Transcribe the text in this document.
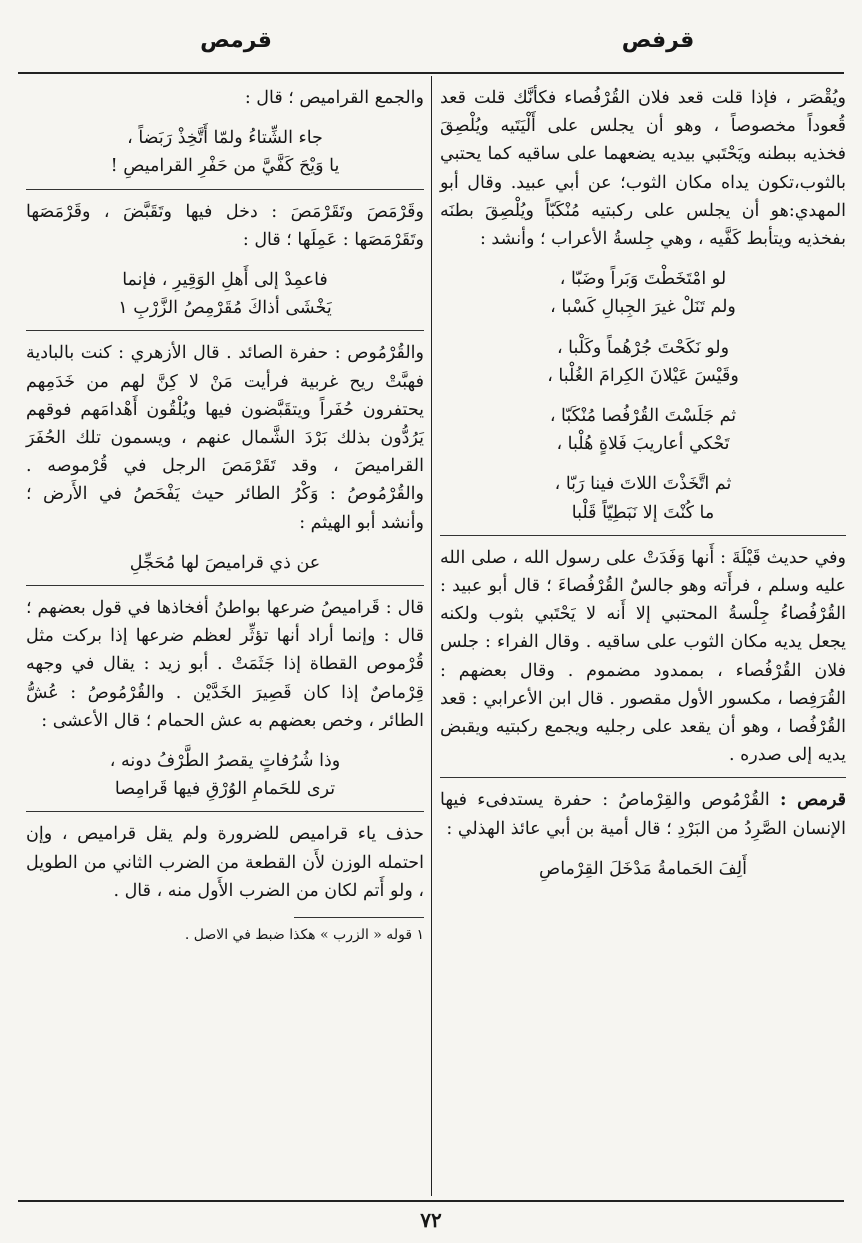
قرفص
قرمص

ويُقْصَر ، فإذا قلت قعد فلان القُرْفُصاء فكأنَّك قلت قعد قُعوداً مخصوصاً ، وهو أن يجلس على أَلْيَتَيه ويُلْصِقَ فخذيه ببطنه ويَحْتَبي بيديه يضعهما على ساقيه كما يحتبي بالثوب،تكون يداه مكان الثوب؛ عن أبي عبيد. وقال أبو المهدي:هو أن يجلس على ركبتيه مُنْكَبّاً ويُلْصِقَ بطنَه بفخذيه ويتأبط كَفَّيه ، وهي جِلسةُ الأعراب ؛ وأنشد :

لو امْتَخَطْتَ وَبَراً وضَبّا ،

ولم تَنَلْ غيرَ الجِبالِ كَسْبا ،

ولو نَكَحْتَ جُرْهُماً وكَلْبا ،

وقَيْسَ عَيْلانَ الكِرامَ الغُلْبا ،

ثم جَلَسْتَ القُرْفُصا مُنْكَبّا ،

تَحْكي أعاريبَ فَلاةٍ هُلْبا ،

ثم اتَّخَذْتَ اللاتَ فينا رَبّا ،

ما كُنْتَ إلا نَبَطِيّاً قَلْبا

وفي حديث قَيْلَةَ : أَنها وَفَدَتْ على رسول الله ، صلى الله عليه وسلم ، فرأَته وهو جالسٌ القُرْفُصاءَ ؛ قال أبو عبيد : القُرْفُصاءُ جِلْسةُ المحتبي إلا أَنه لا يَحْتَبي بثوب ولكنه يجعل يديه مكان الثوب على ساقيه . وقال الفراء : جلس فلان القُرْفُصاء ، بممدود مضموم . وقال بعضهم : القُرَفِصا ، مكسور الأول مقصور . قال ابن الأعرابي : قعد القُرْفُصا ، وهو أن يقعد على رجليه ويجمع ركبتيه ويقبض يديه إلى صدره .

قرمص : القُرْمُوص والقِرْماصُ : حفرة يستدفىء فيها الإنسان الصَّرِدُ من البَرْدِ ؛ قال أمية بن أبي عائذ الهذلي :

أَلِفَ الحَمامةُ مَدْخَلَ القِرْماصِ

والجمع القراميص ؛ قال :

جاء الشِّتاءُ ولمّا أَتَّخِذْ رَبَضاً ،

يا وَيْحَ كَفَّيَّ من حَفْرِ القراميصِ !

وقَرْمَصَ وتَقَرْمَصَ : دخل فيها وتَقَبَّضَ ، وقَرْمَصَها وتَقَرْمَصَها : عَمِلَها ؛ قال :

فاعمِدْ إلى أَهلِ الوَقِيرِ ، فإنما

يَخْشَى أذاكَ مُقَرْمِصُ الزَّرْبِ ١

والقُرْمُوص : حفرة الصائد . قال الأزهري : كنت بالبادية فهبَّتْ ريح غربية فرأيت مَنْ لا كِنَّ لهم من خَدَمِهم يحتفرون حُفَراً ويتقَبَّضون فيها ويُلْقُون أَهْدامَهم فوقهم يَرُدُّون بذلك بَرْدَ الشَّمال عنهم ، ويسمون تلك الحُفَرَ القراميصَ ، وقد تَقَرْمَصَ الرجل في قُرْموصه . والقُرْمُوصُ : وَكْرُ الطائر حيث يَفْحَصُ في الأَرض ؛ وأنشد أبو الهيثم :

عن ذي قراميصَ لها مُحَجِّلِ

قال : قَراميصُ ضرعها بواطنُ أفخاذها في قول بعضهم ؛ قال : وإنما أراد أنها تؤثِّر لعظم ضرعها إذا بركت مثل قُرْموص القطاة إذا جَثَمَتْ . أبو زيد : يقال في وجهه قِرْماصٌ إذا كان قَصِيرَ الخَدَّيْن . والقُرْمُوصُ : عُشُّ الطائر ، وخص بعضهم به عش الحمام ؛ قال الأعشى :

وذا شُرُفاتٍ يقصرُ الطَّرْفُ دونه ،

ترى للحَمامِ الوُرْقِ فيها قَرامِصا

حذف ياء قراميص للضرورة ولم يقل قراميص ، وإن احتمله الوزن لأَن القطعة من الضرب الثاني من الطويل ، ولو أَتم لكان من الضرب الأَول منه ، قال .

١ قوله « الزرب » هكذا ضبط في الاصل .

٧٢
